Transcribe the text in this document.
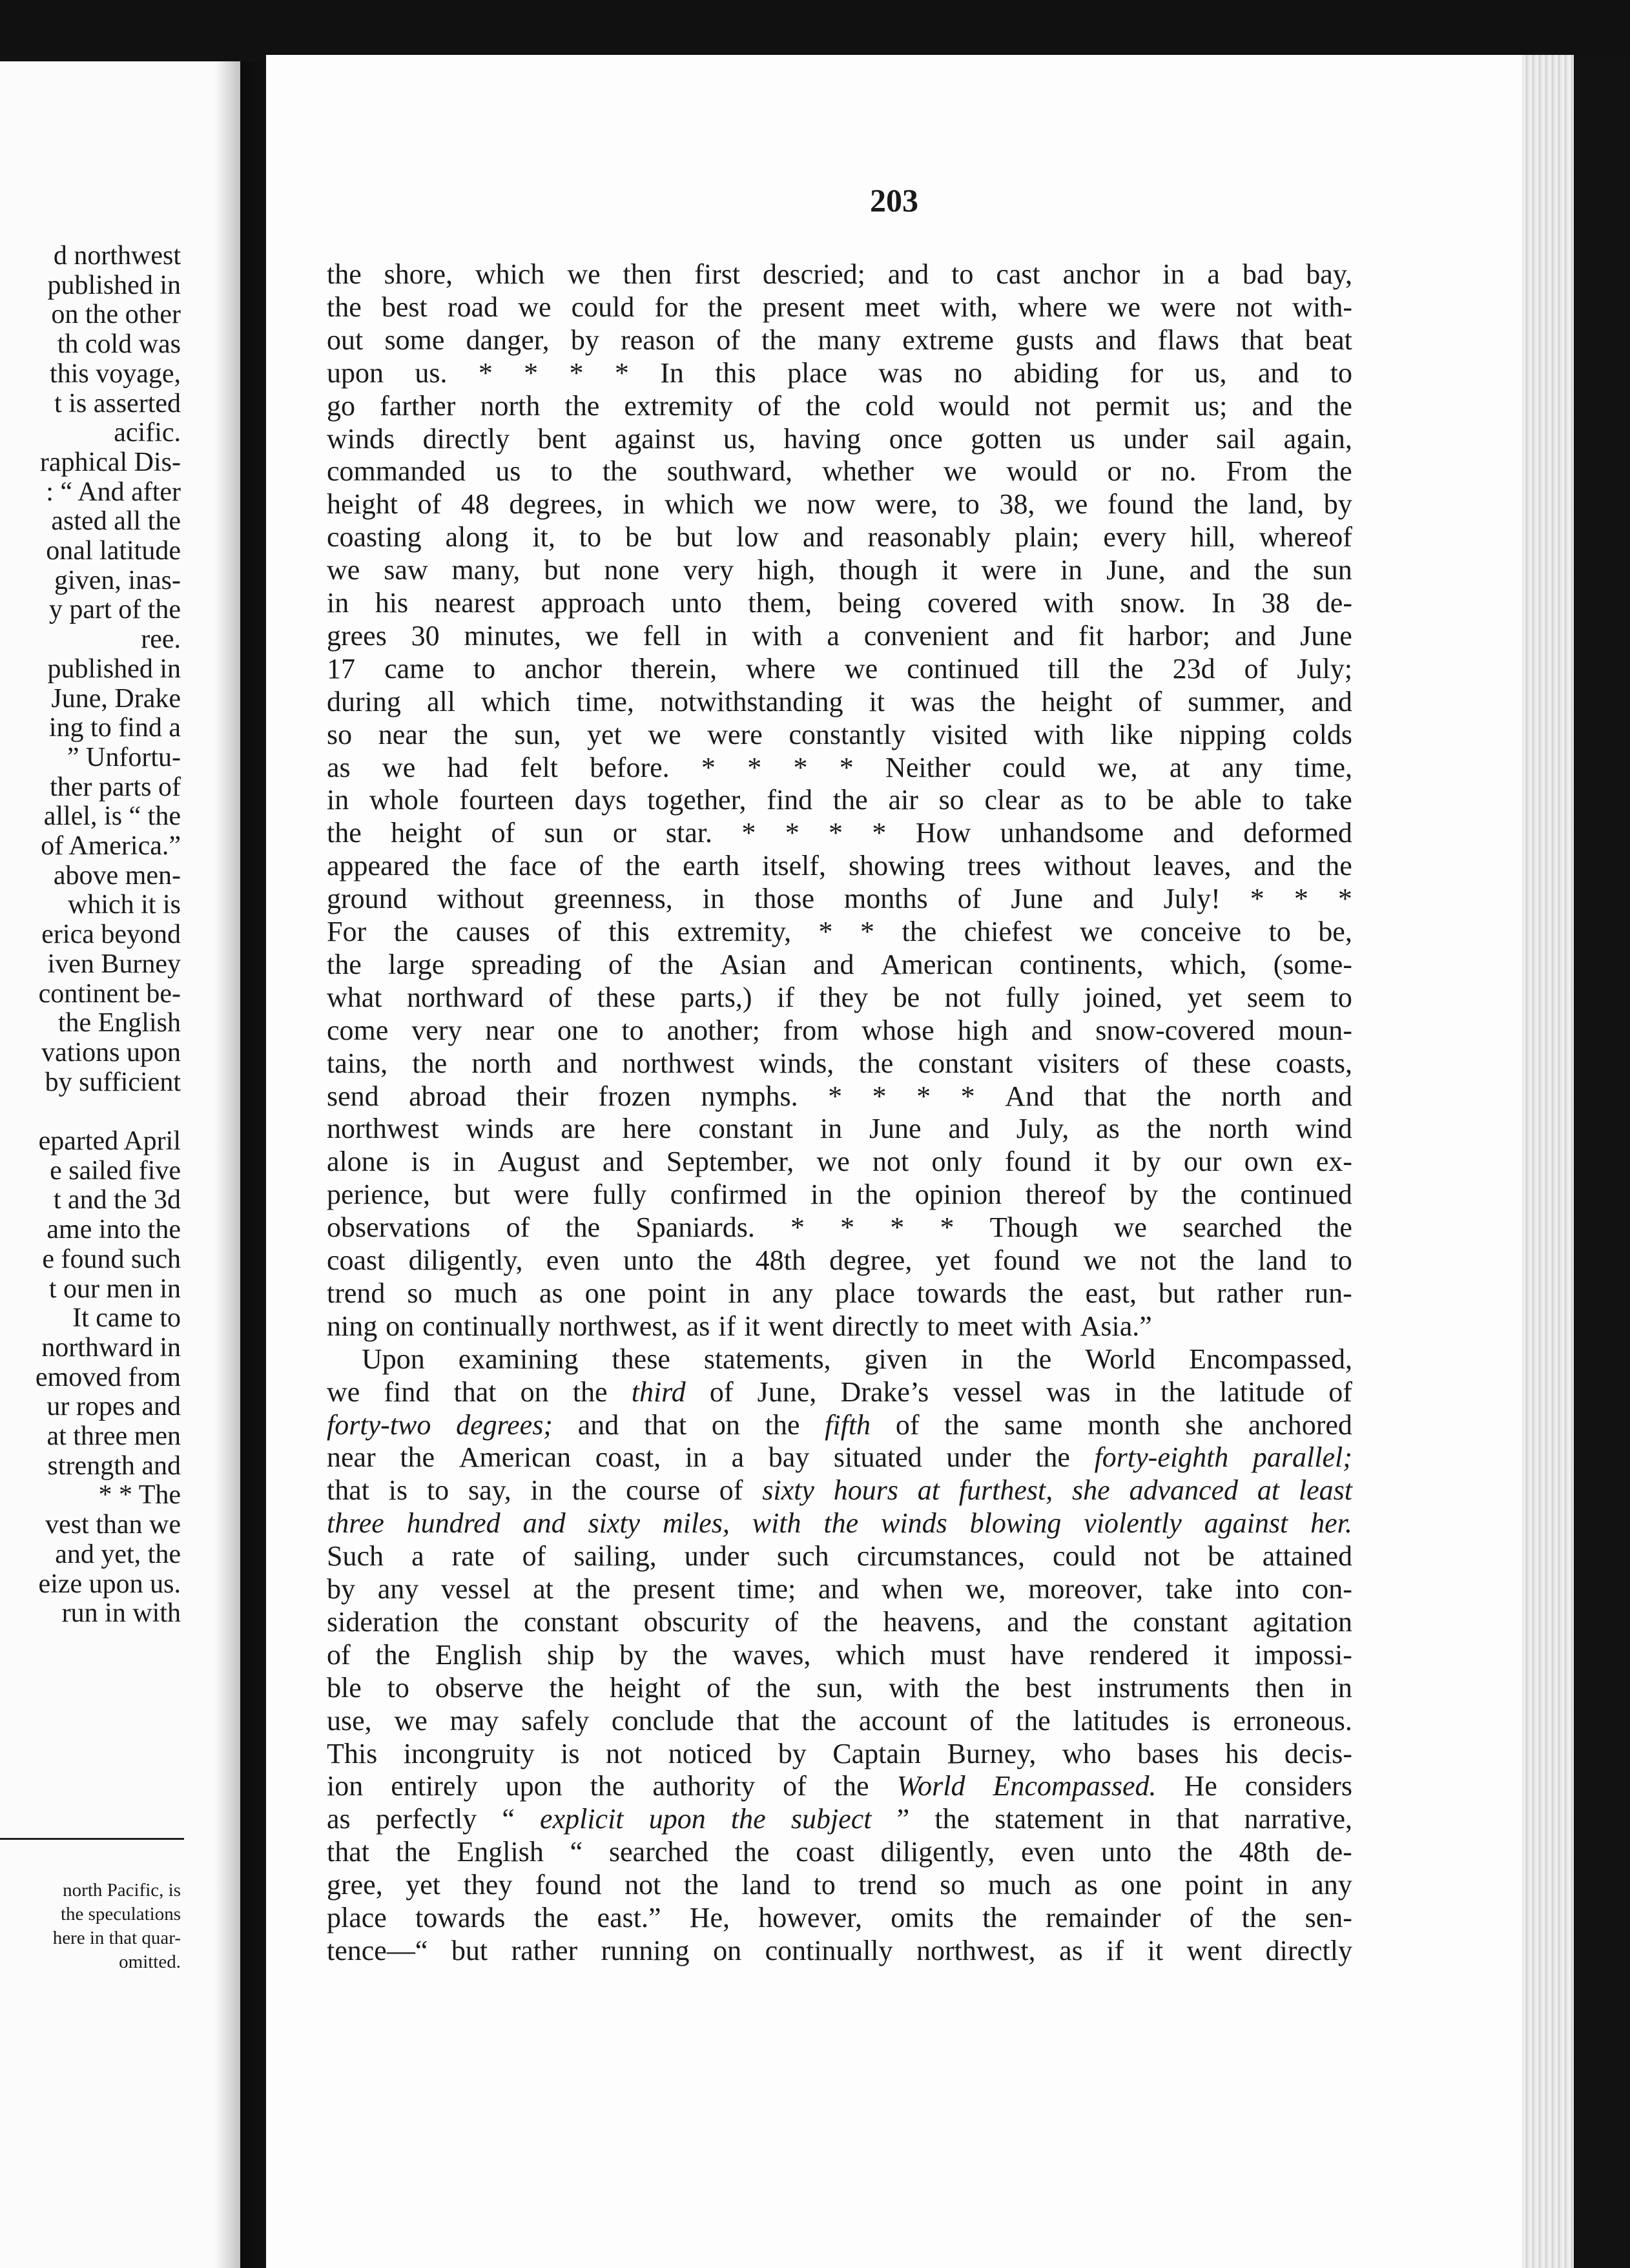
d northwest
published in
on the other
th cold was
this voyage,
t is asserted
acific.
raphical Dis-
: “ And after
asted all the
onal latitude
given, inas-
y part of the
ree.
published in
June, Drake
ing to find a
” Unfortu-
ther parts of
allel, is “ the
of America.”
above men-
which it is
erica beyond
iven Burney
continent be-
the English
vations upon
by sufficient
eparted April
e sailed five
t and the 3d
ame into the
e found such
t our men in
It came to
northward in
emoved from
ur ropes and
at three men
strength and
* * The
vest than we
and yet, the
eize upon us.
run in with
north Pacific, is
the speculations
here in that quar-
omitted.
203
the shore, which we then first descried; and to cast anchor in a bad bay,
the best road we could for the present meet with, where we were not with-
out some danger, by reason of the many extreme gusts and flaws that beat
upon us. * * * * In this place was no abiding for us, and to
go farther north the extremity of the cold would not permit us; and the
winds directly bent against us, having once gotten us under sail again,
commanded us to the southward, whether we would or no. From the
height of 48 degrees, in which we now were, to 38, we found the land, by
coasting along it, to be but low and reasonably plain; every hill, whereof
we saw many, but none very high, though it were in June, and the sun
in his nearest approach unto them, being covered with snow. In 38 de-
grees 30 minutes, we fell in with a convenient and fit harbor; and June
17 came to anchor therein, where we continued till the 23d of July;
during all which time, notwithstanding it was the height of summer, and
so near the sun, yet we were constantly visited with like nipping colds
as we had felt before. * * * * Neither could we, at any time,
in whole fourteen days together, find the air so clear as to be able to take
the height of sun or star. * * * * How unhandsome and deformed
appeared the face of the earth itself, showing trees without leaves, and the
ground without greenness, in those months of June and July! * * *
For the causes of this extremity, * * the chiefest we conceive to be,
the large spreading of the Asian and American continents, which, (some-
what northward of these parts,) if they be not fully joined, yet seem to
come very near one to another; from whose high and snow-covered moun-
tains, the north and northwest winds, the constant visiters of these coasts,
send abroad their frozen nymphs. * * * * And that the north and
northwest winds are here constant in June and July, as the north wind
alone is in August and September, we not only found it by our own ex-
perience, but were fully confirmed in the opinion thereof by the continued
observations of the Spaniards. * * * * Though we searched the
coast diligently, even unto the 48th degree, yet found we not the land to
trend so much as one point in any place towards the east, but rather run-
ning on continually northwest, as if it went directly to meet with Asia.”
Upon examining these statements, given in the World Encompassed,
we find that on the third of June, Drake’s vessel was in the latitude of
forty-two degrees; and that on the fifth of the same month she anchored
near the American coast, in a bay situated under the forty-eighth parallel;
that is to say, in the course of sixty hours at furthest, she advanced at least
three hundred and sixty miles, with the winds blowing violently against her.
Such a rate of sailing, under such circumstances, could not be attained
by any vessel at the present time; and when we, moreover, take into con-
sideration the constant obscurity of the heavens, and the constant agitation
of the English ship by the waves, which must have rendered it impossi-
ble to observe the height of the sun, with the best instruments then in
use, we may safely conclude that the account of the latitudes is erroneous.
This incongruity is not noticed by Captain Burney, who bases his decis-
ion entirely upon the authority of the World Encompassed. He considers
as perfectly “ explicit upon the subject ” the statement in that narrative,
that the English “ searched the coast diligently, even unto the 48th de-
gree, yet they found not the land to trend so much as one point in any
place towards the east.” He, however, omits the remainder of the sen-
tence—“ but rather running on continually northwest, as if it went directly
